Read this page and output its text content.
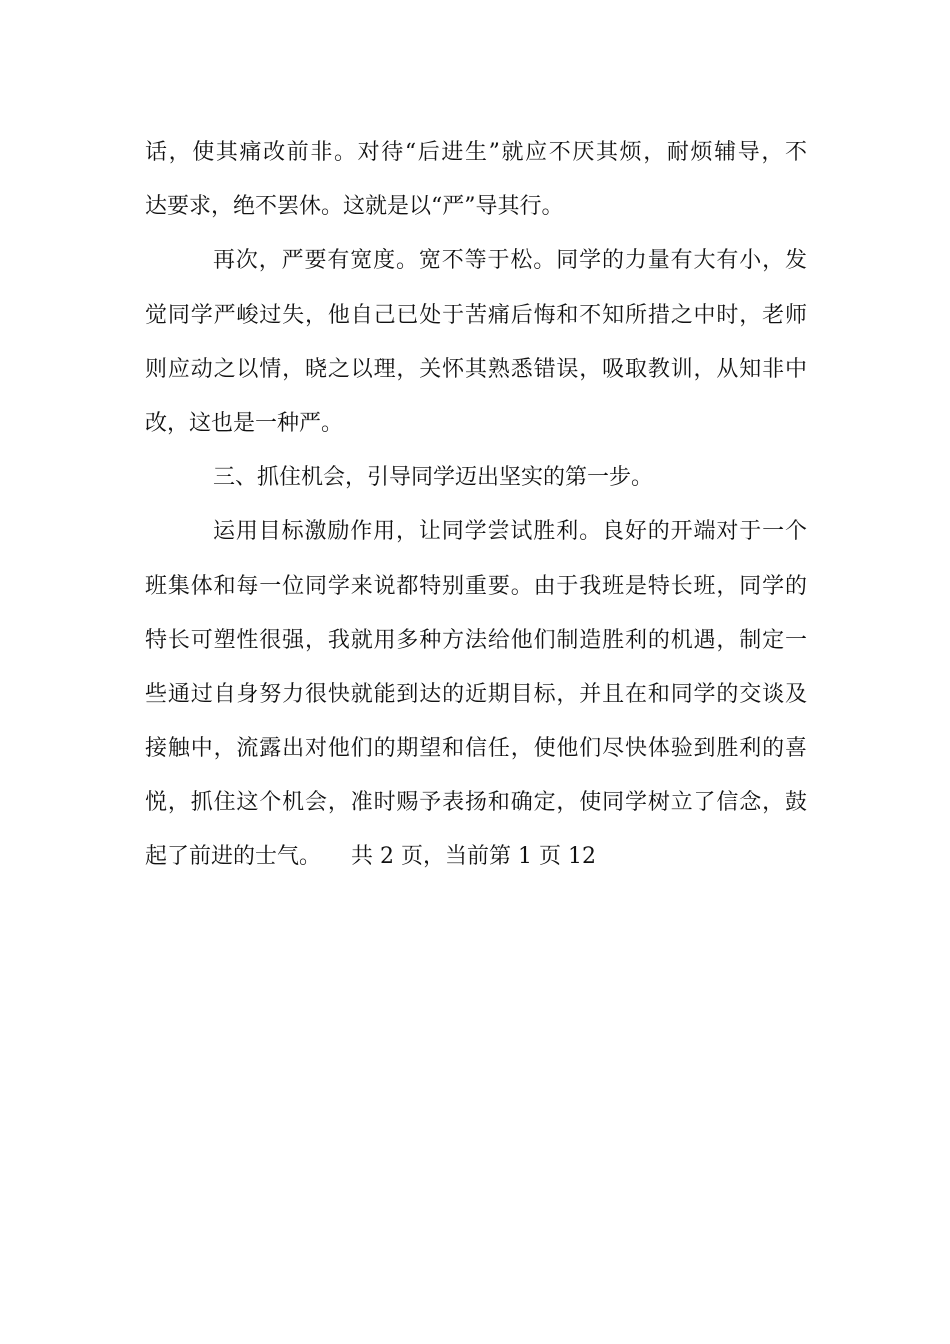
话，使其痛改前非。对待“后进生”就应不厌其烦，耐烦辅导，不
达要求，绝不罢休。这就是以“严”导其行。
再次，严要有宽度。宽不等于松。同学的力量有大有小，发
觉同学严峻过失，他自己已处于苦痛后悔和不知所措之中时，老师
则应动之以情，晓之以理，关怀其熟悉错误，吸取教训，从知非中
改，这也是一种严。
三、抓住机会，引导同学迈出坚实的第一步。
运用目标激励作用，让同学尝试胜利。良好的开端对于一个
班集体和每一位同学来说都特别重要。由于我班是特长班，同学的
特长可塑性很强，我就用多种方法给他们制造胜利的机遇，制定一
些通过自身努力很快就能到达的近期目标，并且在和同学的交谈及
接触中，流露出对他们的期望和信任，使他们尽快体验到胜利的喜
悦，抓住这个机会，准时赐予表扬和确定，使同学树立了信念，鼓
起了前进的士气。 共 2 页，当前第 1 页 12
